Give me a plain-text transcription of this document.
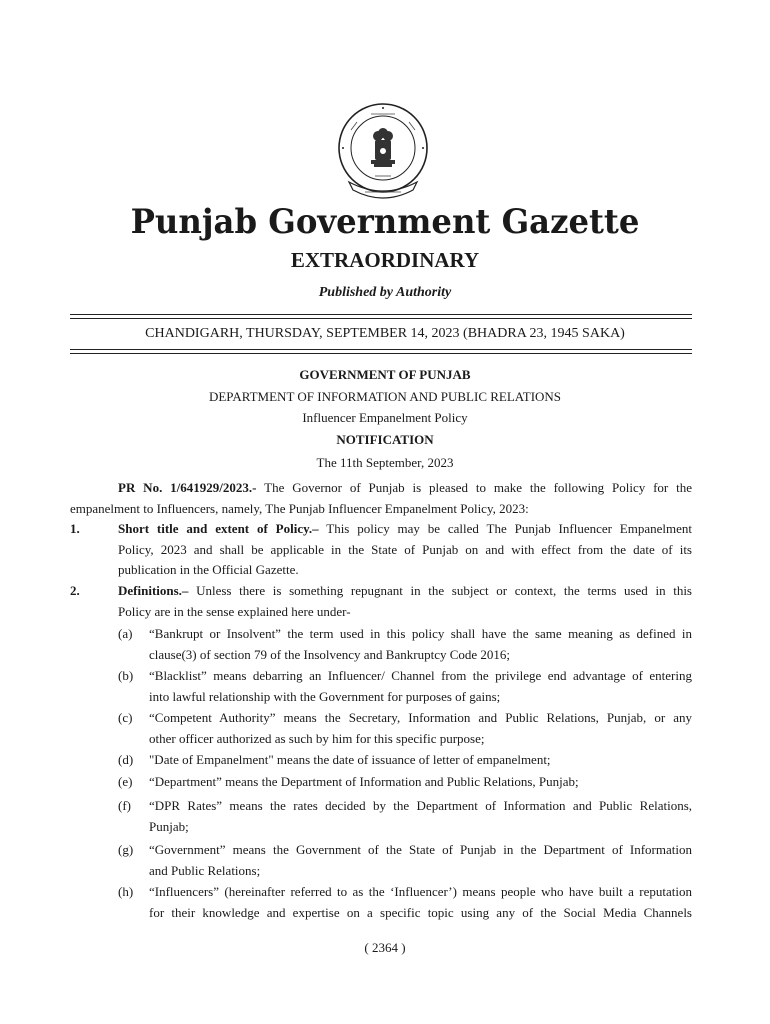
Punjab Government Gazette
EXTRAORDINARY
Published by Authority
CHANDIGARH, THURSDAY, SEPTEMBER 14, 2023 (BHADRA 23, 1945 SAKA)
GOVERNMENT OF PUNJAB
DEPARTMENT OF INFORMATION AND PUBLIC RELATIONS
Influencer Empanelment Policy
NOTIFICATION
The 11th September, 2023
PR No. 1/641929/2023.- The Governor of Punjab is pleased to make the following Policy for the
empanelment to Influencers, namely, The Punjab Influencer Empanelment Policy, 2023:
1.	Short title and extent of Policy.– This policy may be called The Punjab Influencer Empanelment
Policy, 2023 and shall be applicable in the State of Punjab on and with effect from the date of its
publication in the Official Gazette.
2.	Definitions.– Unless there is something repugnant in the subject or context, the terms used in this
Policy are in the sense explained here under-
(a) “Bankrupt or Insolvent” the term used in this policy shall have the same meaning as defined in
clause(3) of section 79 of the Insolvency and Bankruptcy Code 2016;
(b) “Blacklist” means debarring an Influencer/ Channel from the privilege end advantage of entering
into lawful relationship with the Government for purposes of gains;
(c) “Competent Authority” means the Secretary, Information and Public Relations, Punjab, or any
other officer authorized as such by him for this specific purpose;
(d) "Date of Empanelment" means the date of issuance of letter of empanelment;
(e) “Department” means the Department of Information and Public Relations, Punjab;
(f) “DPR Rates” means the rates decided by the Department of Information and Public Relations,
Punjab;
(g) “Government” means the Government of the State of Punjab in the Department of Information
and Public Relations;
(h) “Influencers” (hereinafter referred to as the ‘Influencer’) means people who have built a reputation
for their knowledge and expertise on a specific topic using any of the Social Media Channels
( 2364 )
